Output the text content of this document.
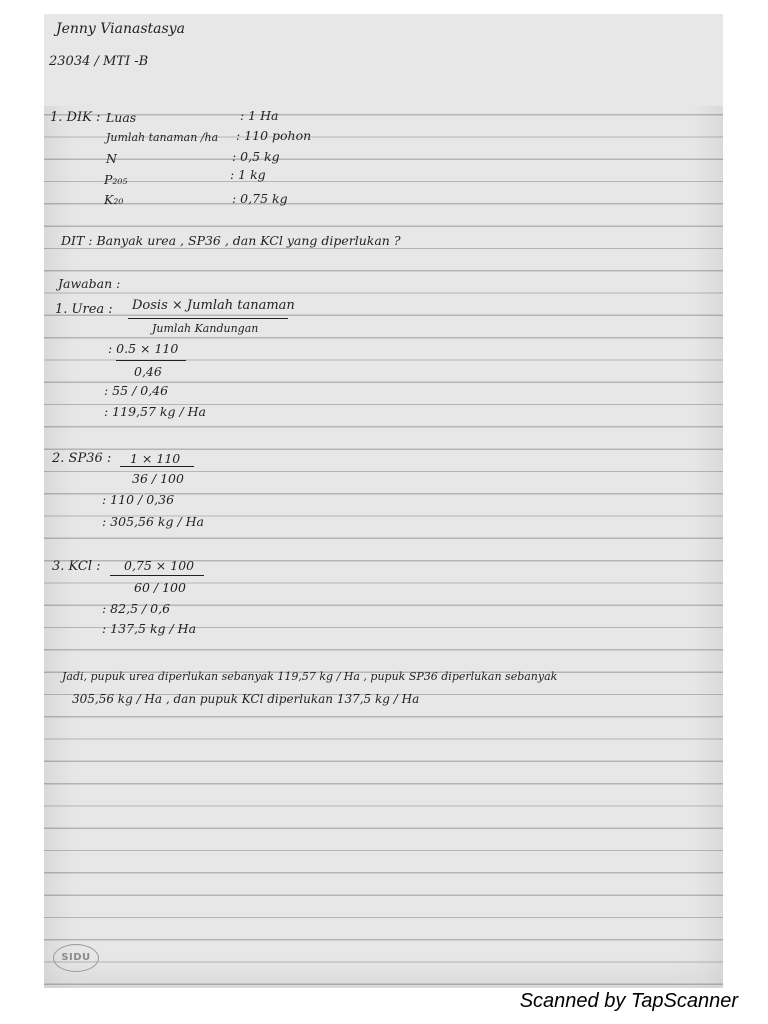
Jenny Vianastasya
23034 / MTI -B
1. DIK : Luas	: 1 Ha
Jumlah tanaman /ha : 110 pohon
N	: 0,5 kg
P₂₀₅	: 1 kg
K₂₀	: 0,75 kg
DIT : Banyak urea , SP36 , dan KCl yang diperlukan ?
Jawaban :
1. Urea : Dosis × Jumlah tanaman
Jumlah Kandungan
: 0.5 × 110
0,46
: 55 / 0,46
: 119,57 kg / Ha
2. SP36 : 1 × 110
36 / 100
: 110 / 0,36
: 305,56 kg / Ha
3. KCl : 0,75 × 100
60 / 100
: 82,5 / 0,6
: 137,5 kg / Ha
Jadi, pupuk urea diperlukan sebanyak 119,57 kg / Ha , pupuk SP36 diperlukan sebanyak
305,56 kg / Ha , dan pupuk KCl diperlukan 137,5 kg / Ha
SIDU
Scanned by TapScanner
